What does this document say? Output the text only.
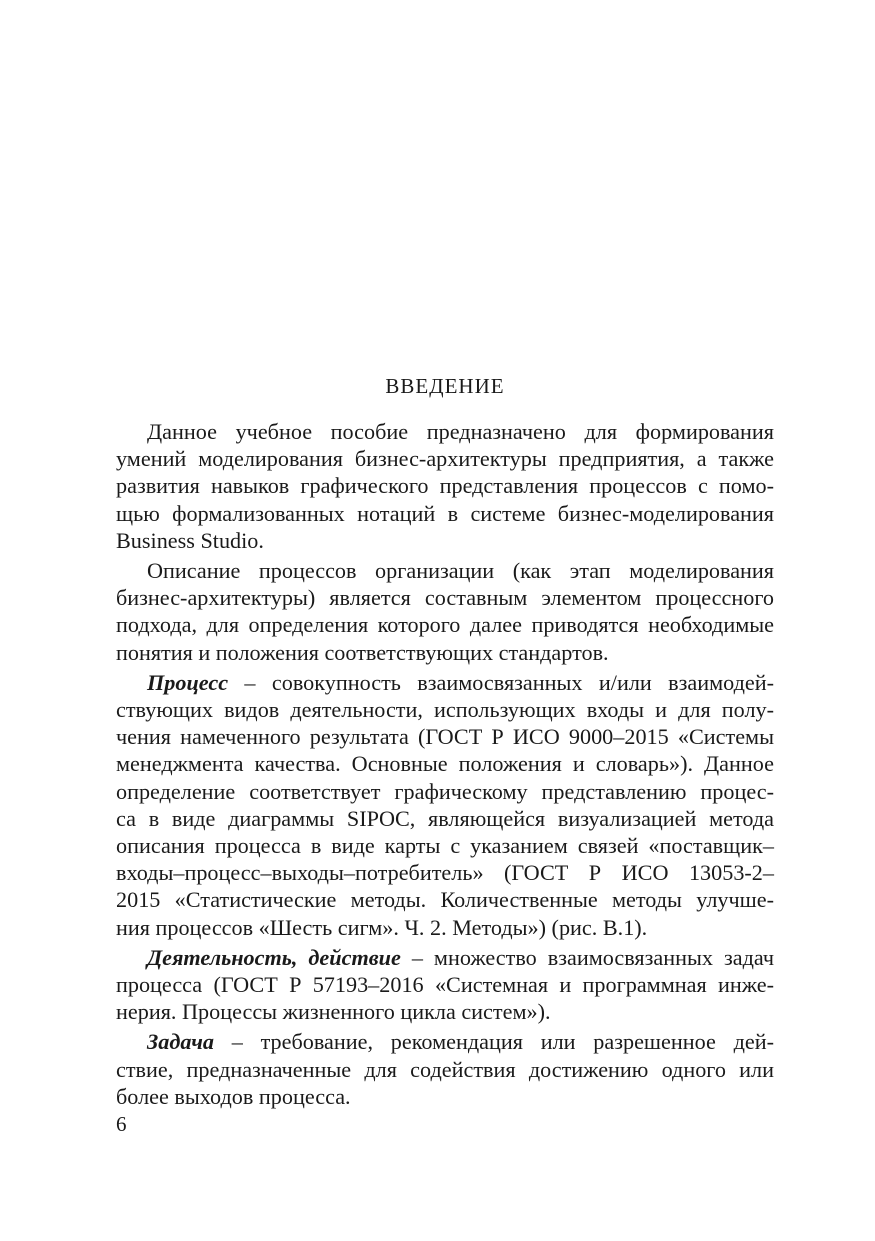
ВВЕДЕНИЕ
Данное учебное пособие предназначено для формирования
умений моделирования бизнес-архитектуры предприятия, а также
развития навыков графического представления процессов с помо-
щью формализованных нотаций в системе бизнес-моделирования
Business Studio.
Описание процессов организации (как этап моделирования
бизнес-архитектуры) является составным элементом процессного
подхода, для определения которого далее приводятся необходимые
понятия и положения соответствующих стандартов.
Процесс – совокупность взаимосвязанных и/или взаимодей-
ствующих видов деятельности, использующих входы и для полу-
чения намеченного результата (ГОСТ Р ИСО 9000–2015 «Системы
менеджмента качества. Основные положения и словарь»). Данное
определение соответствует графическому представлению процес-
са в виде диаграммы SIPOC, являющейся визуализацией метода
описания процесса в виде карты с указанием связей «поставщик–
входы–процесс–выходы–потребитель» (ГОСТ Р ИСО 13053-2–
2015 «Статистические методы. Количественные методы улучше-
ния процессов «Шесть сигм». Ч. 2. Методы») (рис. В.1).
Деятельность, действие – множество взаимосвязанных задач
процесса (ГОСТ Р 57193–2016 «Системная и программная инже-
нерия. Процессы жизненного цикла систем»).
Задача – требование, рекомендация или разрешенное дей-
ствие, предназначенные для содействия достижению одного или
более выходов процесса.
6
